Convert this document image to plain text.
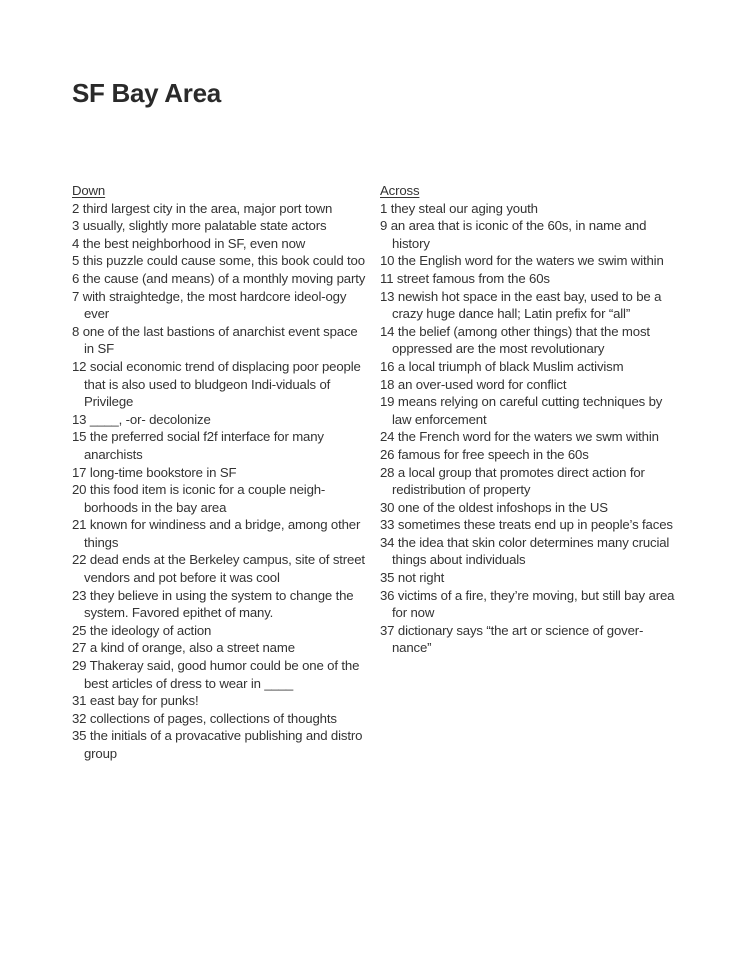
SF Bay Area
Down
2 third largest city in the area, major port town
3 usually, slightly more palatable state actors
4 the best neighborhood in SF, even now
5 this puzzle could cause some, this book could too
6 the cause (and means) of a monthly moving party
7 with straightedge, the most hardcore ideol-ogy ever
8 one of the last bastions of anarchist event space in SF
12 social economic trend of displacing poor people that is also used to bludgeon Indi-viduals of Privilege
13 ____, -or- decolonize
15 the preferred social f2f interface for many anarchists
17 long-time bookstore in SF
20 this food item is iconic for a couple neigh-borhoods in the bay area
21 known for windiness and a bridge, among other things
22 dead ends at the Berkeley campus, site of street vendors and pot before it was cool
23 they believe in using the system to change the system. Favored epithet of many.
25 the ideology of action
27 a kind of orange, also a street name
29 Thakeray said, good humor could be one of the best articles of dress to wear in ____
31 east bay for punks!
32 collections of pages, collections of thoughts
35 the initials of a provacative publishing and distro group
Across
1 they steal our aging youth
9 an area that is iconic of the 60s, in name and history
10 the English word for the waters we swim within
11 street famous from the 60s
13 newish hot space in the east bay, used to be a crazy huge dance hall; Latin prefix for “all”
14 the belief (among other things) that the most oppressed are the most revolutionary
16 a local triumph of black Muslim activism
18 an over-used word for conflict
19 means relying on careful cutting techniques by law enforcement
24 the French word for the waters we swm within
26 famous for free speech in the 60s
28 a local group that promotes direct action for redistribution of property
30 one of the oldest infoshops in the US
33 sometimes these treats end up in people’s faces
34 the idea that skin color determines many crucial things about individuals
35 not right
36 victims of a fire, they’re moving, but still bay area for now
37 dictionary says “the art or science of gover-nance”
